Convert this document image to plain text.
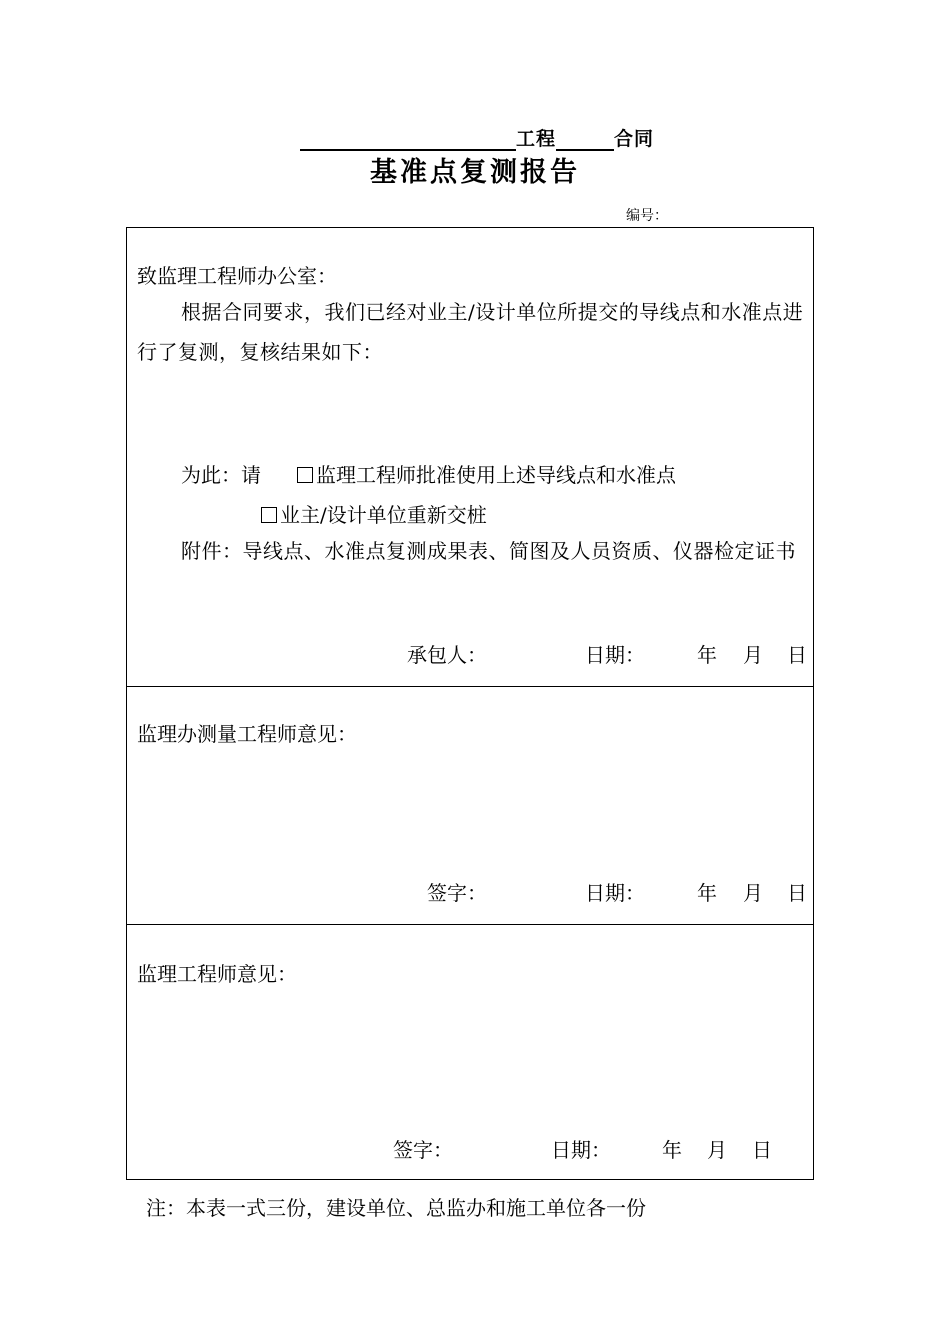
工程	合同
基准点复测报告
编号：
致监理工程师办公室：
根据合同要求，我们已经对业主/设计单位所提交的导线点和水准点进行了复测，复核结果如下：
为此：请	监理工程师批准使用上述导线点和水准点
业主/设计单位重新交桩
附件：导线点、水准点复测成果表、简图及人员资质、仪器检定证书
承包人：	日期：	年 月 日
监理办测量工程师意见：
签字：	日期：	年 月 日
监理工程师意见：
签字：	日期：	年 月 日
注：本表一式三份，建设单位、总监办和施工单位各一份
